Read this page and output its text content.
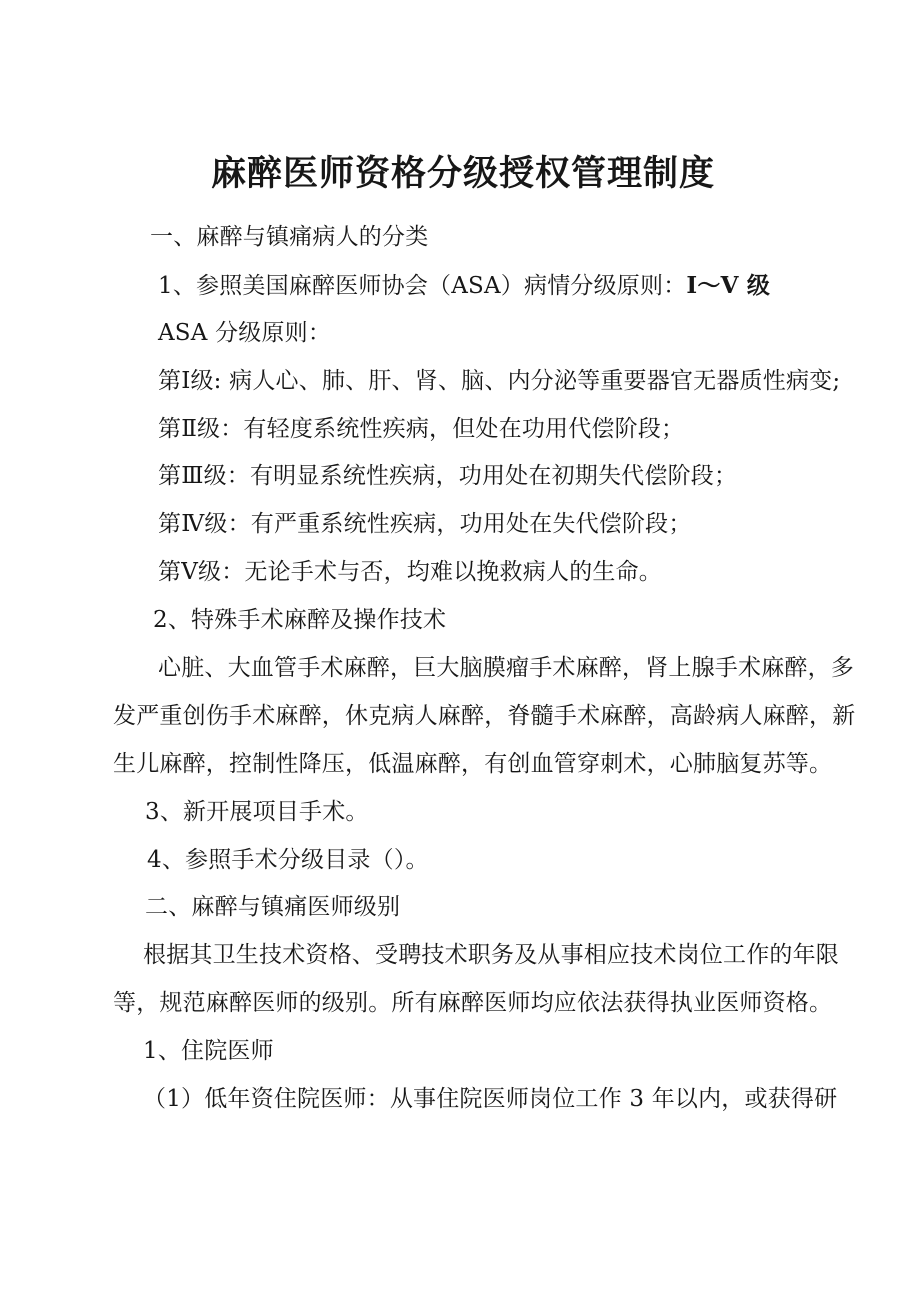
麻醉医师资格分级授权管理制度
一、麻醉与镇痛病人的分类
1、参照美国麻醉医师协会（ASA）病情分级原则：I～V 级
ASA 分级原则：
第Ⅰ级: 病人心、肺、肝、肾、脑、内分泌等重要器官无器质性病变;
第Ⅱ级：有轻度系统性疾病，但处在功用代偿阶段；
第Ⅲ级：有明显系统性疾病，功用处在初期失代偿阶段；
第Ⅳ级：有严重系统性疾病，功用处在失代偿阶段；
第Ⅴ级：无论手术与否，均难以挽救病人的生命。
2、特殊手术麻醉及操作技术
心脏、大血管手术麻醉，巨大脑膜瘤手术麻醉，肾上腺手术麻醉，多
发严重创伤手术麻醉，休克病人麻醉，脊髓手术麻醉，高龄病人麻醉，新
生儿麻醉，控制性降压，低温麻醉，有创血管穿刺术，心肺脑复苏等。
3、新开展项目手术。
4、参照手术分级目录（）。
二、麻醉与镇痛医师级别
根据其卫生技术资格、受聘技术职务及从事相应技术岗位工作的年限
等，规范麻醉医师的级别。所有麻醉医师均应依法获得执业医师资格。
1、住院医师
（1）低年资住院医师：从事住院医师岗位工作 3 年以内，或获得研
